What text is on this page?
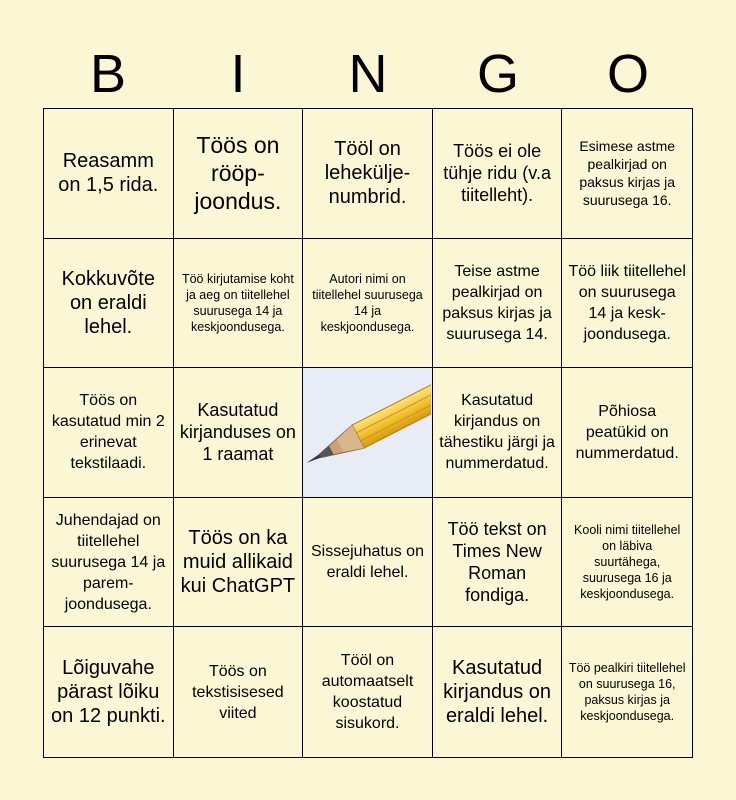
B	I	N	G	O
Reasamm on 1,5 rida.
Töös on rööp-joondus.
Tööl on lehekülje-numbrid.
Töös ei ole tühje ridu (v.a tiitelleht).
Esimese astme pealkirjad on paksus kirjas ja suurusega 16.
Kokkuvõte on eraldi lehel.
Töö kirjutamise koht ja aeg on tiitellehel suurusega 14 ja keskjoondusega.
Autori nimi on tiitellehel suurusega 14 ja keskjoondusega.
Teise astme pealkirjad on paksus kirjas ja suurusega 14.
Töö liik tiitellehel on suurusega 14 ja kesk-joondusega.
Töös on kasutatud min 2 erinevat tekstilaadi.
Kasutatud kirjanduses on 1 raamat
Kasutatud kirjandus on tähestiku järgi ja nummerdatud.
Põhiosa peatükid on nummerdatud.
Juhendajad on tiitellehel suurusega 14 ja parem-joondusega.
Töös on ka muid allikaid kui ChatGPT
Sissejuhatus on eraldi lehel.
Töö tekst on Times New Roman fondiga.
Kooli nimi tiitellehel on läbiva suurtähega, suurusega 16 ja keskjoondusega.
Lõiguvahe pärast lõiku on 12 punkti.
Töös on tekstisisesed viited
Tööl on automaatselt koostatud sisukord.
Kasutatud kirjandus on eraldi lehel.
Töö pealkiri tiitellehel on suurusega 16, paksus kirjas ja keskjoondusega.
